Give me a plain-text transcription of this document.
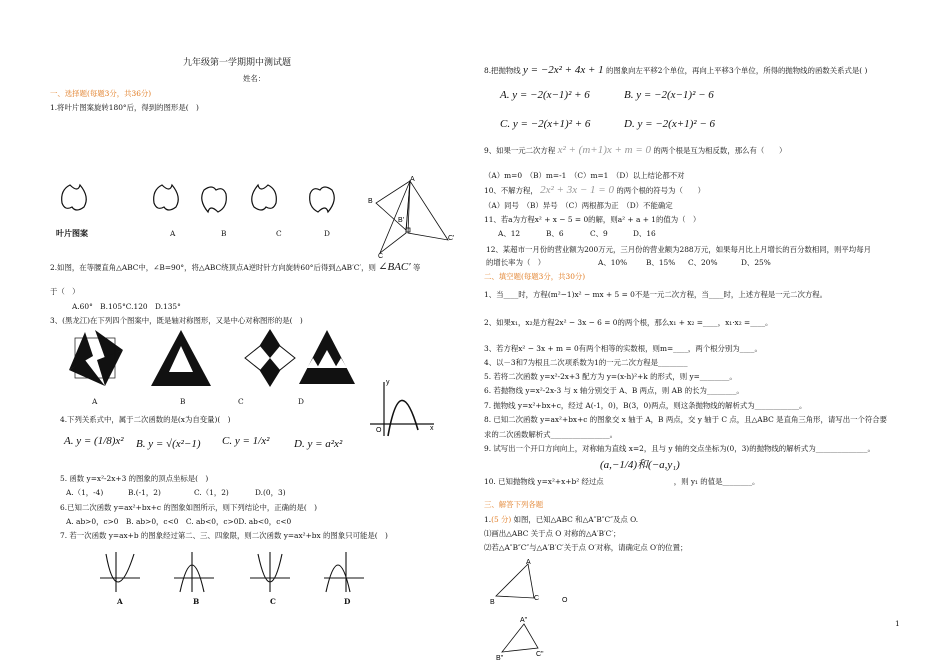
九年级第一学期期中测试题
姓名：
一、选择题(每题3分，共36分)
1.将叶片图案旋转180°后，得到的图形是(　)
叶片图案	A	B	C	D
A
B
B'
C
C'
2.如图，在等腰直角△ABC中，∠B=90°，将△ABC绕顶点A逆时针方向旋转60°后得到△AB′C′，则 ∠BAC′ 等
于（　）
A.60°　B.105°C.120　D.135°
3、(黑龙江)在下列四个图案中，既是轴对称图形，又是中心对称图形的是(　)
A	B	C	D
y
x
O
4.下列关系式中，属于二次函数的是(x为自变量)(　)
A. y = (1/8)x² B. y = √(x²−1) C. y = 1/x² D. y = a²x²
5. 函数 y=x²-2x+3 的图象的顶点坐标是(　)
A.（1，-4)	B.(-1，2)	C.（1，2)	D.(0，3)
6.已知二次函数 y=ax²+bx+c 的图象如图所示，则下列结论中，正确的是(　)
A. ab>0，c>0　B. ab>0，c<0　C. ab<0，c>0D. ab<0，c<0
7. 若一次函数 y=ax+b 的图象经过第二、三、四象限，则二次函数 y=ax²+bx 的图象只可能是(　)
A	B	C	D
8.把抛物线 y = −2x² + 4x + 1 的图象向左平移2个单位，再向上平移3个单位，所得的抛物线的函数关系式是( )
A. y = −2(x−1)² + 6	B. y = −2(x−1)² − 6
C. y = −2(x+1)² + 6	D. y = −2(x+1)² − 6
9、如果一元二次方程 x² + (m+1)x + m = 0 的两个根是互为相反数，那么有（　　）
（A）m=0　（B）m=-1　（C）m=1　（D）以上结论都不对
10、不解方程， 2x² + 3x − 1 = 0 的两个根的符号为（　　）
（A）同号　（B）异号　（C）两根都为正　（D）不能确定
11、若a为方程x² + x − 5 = 0的解，则a² + a + 1的值为（　）
A、12	B、6	C、9	D、16
12、某超市一月份的营业额为200万元，三月份的营业额为288万元，如果每月比上月增长的百分数相同，则平均每月
的增长率为（　）	A、10%	B、15% C、20%	D、25%
二、填空题(每题3分，共30分)
1、当____时，方程(m²−1)x² − mx + 5 = 0不是一元二次方程，当____时，上述方程是一元二次方程。
2、如果x₁，x₂是方程2x² − 3x − 6 = 0的两个根，那么x₁ + x₂ =____，x₁·x₂ =____。
3、若方程x² − 3x + m = 0有两个相等的实数根，则m=____，两个根分别为____。
4、以－3和7为根且二次项系数为1的一元二次方程是________
5. 若将二次函数 y=x²-2x+3 配方为 y=(x-h)²+k 的形式，则 y=________。
6. 若抛物线 y=x²-2x-3 与 x 轴分别交于 A、B 两点，则 AB 的长为________。
7. 抛物线 y=x²+bx+c，经过 A(-1，0)，B(3，0)两点，则这条抛物线的解析式为____________。
8. 已知二次函数 y=ax²+bx+c 的图象交 x 轴于 A，B 两点，交 y 轴于 C 点，且△ABC 是直角三角形，请写出一个符合要
求的二次函数解析式________________。
9. 试写出一个开口方向向上，对称轴为直线 x=2，且与 y 轴的交点坐标为(0，3)的抛物线的解析式为______________。
(a,−1/4)和(−a,y₁)
10. 已知抛物线 y=x²+x+b² 经过点	，则 y₁ 的值是________。
三、解答下列各题
1.(5 分) 如图，已知△ABC 和△A″B″C″及点 O.
⑴画出△ABC 关于点 O 对称的△A′B′C′；
⑵若△A″B″C″与△A′B′C′关于点 O′对称，请确定点 O′的位置；
A
B
C	O
A"
B"
C"
1
